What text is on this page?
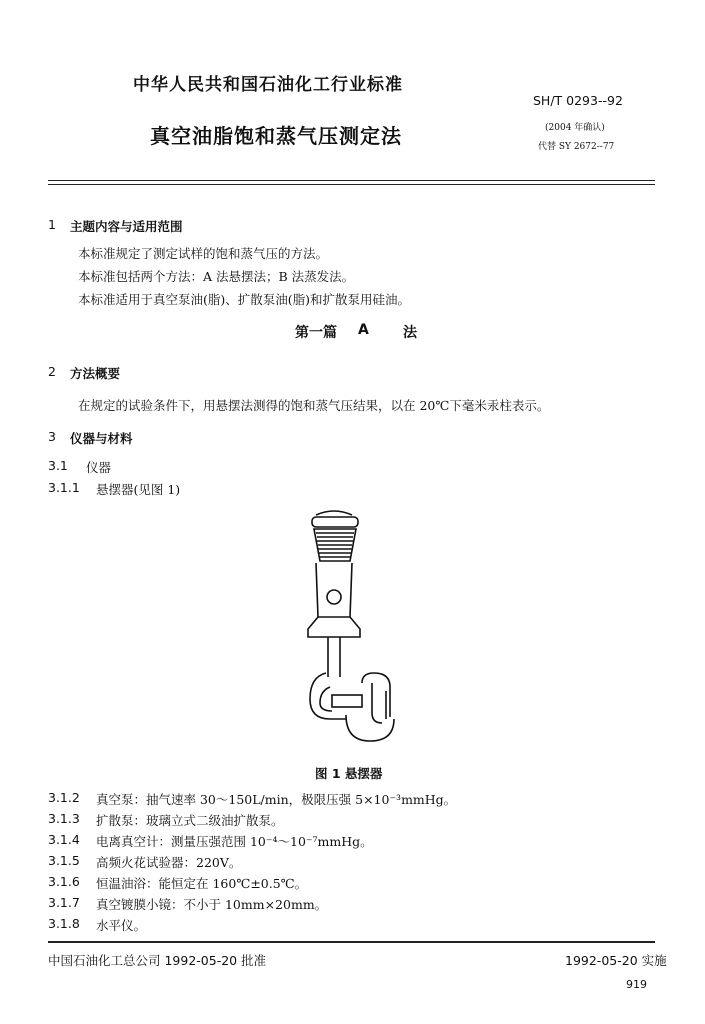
中华人民共和国石油化工行业标准
真空油脂饱和蒸气压测定法
SH/T 0293--92
(2004 年确认)
代替 SY 2672--77
1 主题内容与适用范围
本标准规定了测定试样的饱和蒸气压的方法。
本标准包括两个方法：A 法悬摆法；B 法蒸发法。
本标准适用于真空泵油(脂)、扩散泵油(脂)和扩散泵用硅油。
第一篇 A 法
2 方法概要
在规定的试验条件下，用悬摆法测得的饱和蒸气压结果，以在 20℃下毫米汞柱表示。
3 仪器与材料
3.1 仪器
3.1.1 悬摆器(见图 1)
图 1 悬摆器
3.1.2 真空泵：抽气速率 30～150L/min，极限压强 5×10⁻³mmHg。
3.1.3 扩散泵：玻璃立式二级油扩散泵。
3.1.4 电离真空计：测量压强范围 10⁻⁴～10⁻⁷mmHg。
3.1.5 高频火花试验器：220V。
3.1.6 恒温油浴：能恒定在 160℃±0.5℃。
3.1.7 真空镀膜小镜：不小于 10mm×20mm。
3.1.8 水平仪。
中国石油化工总公司 1992-05-20 批准	1992-05-20 实施
919
